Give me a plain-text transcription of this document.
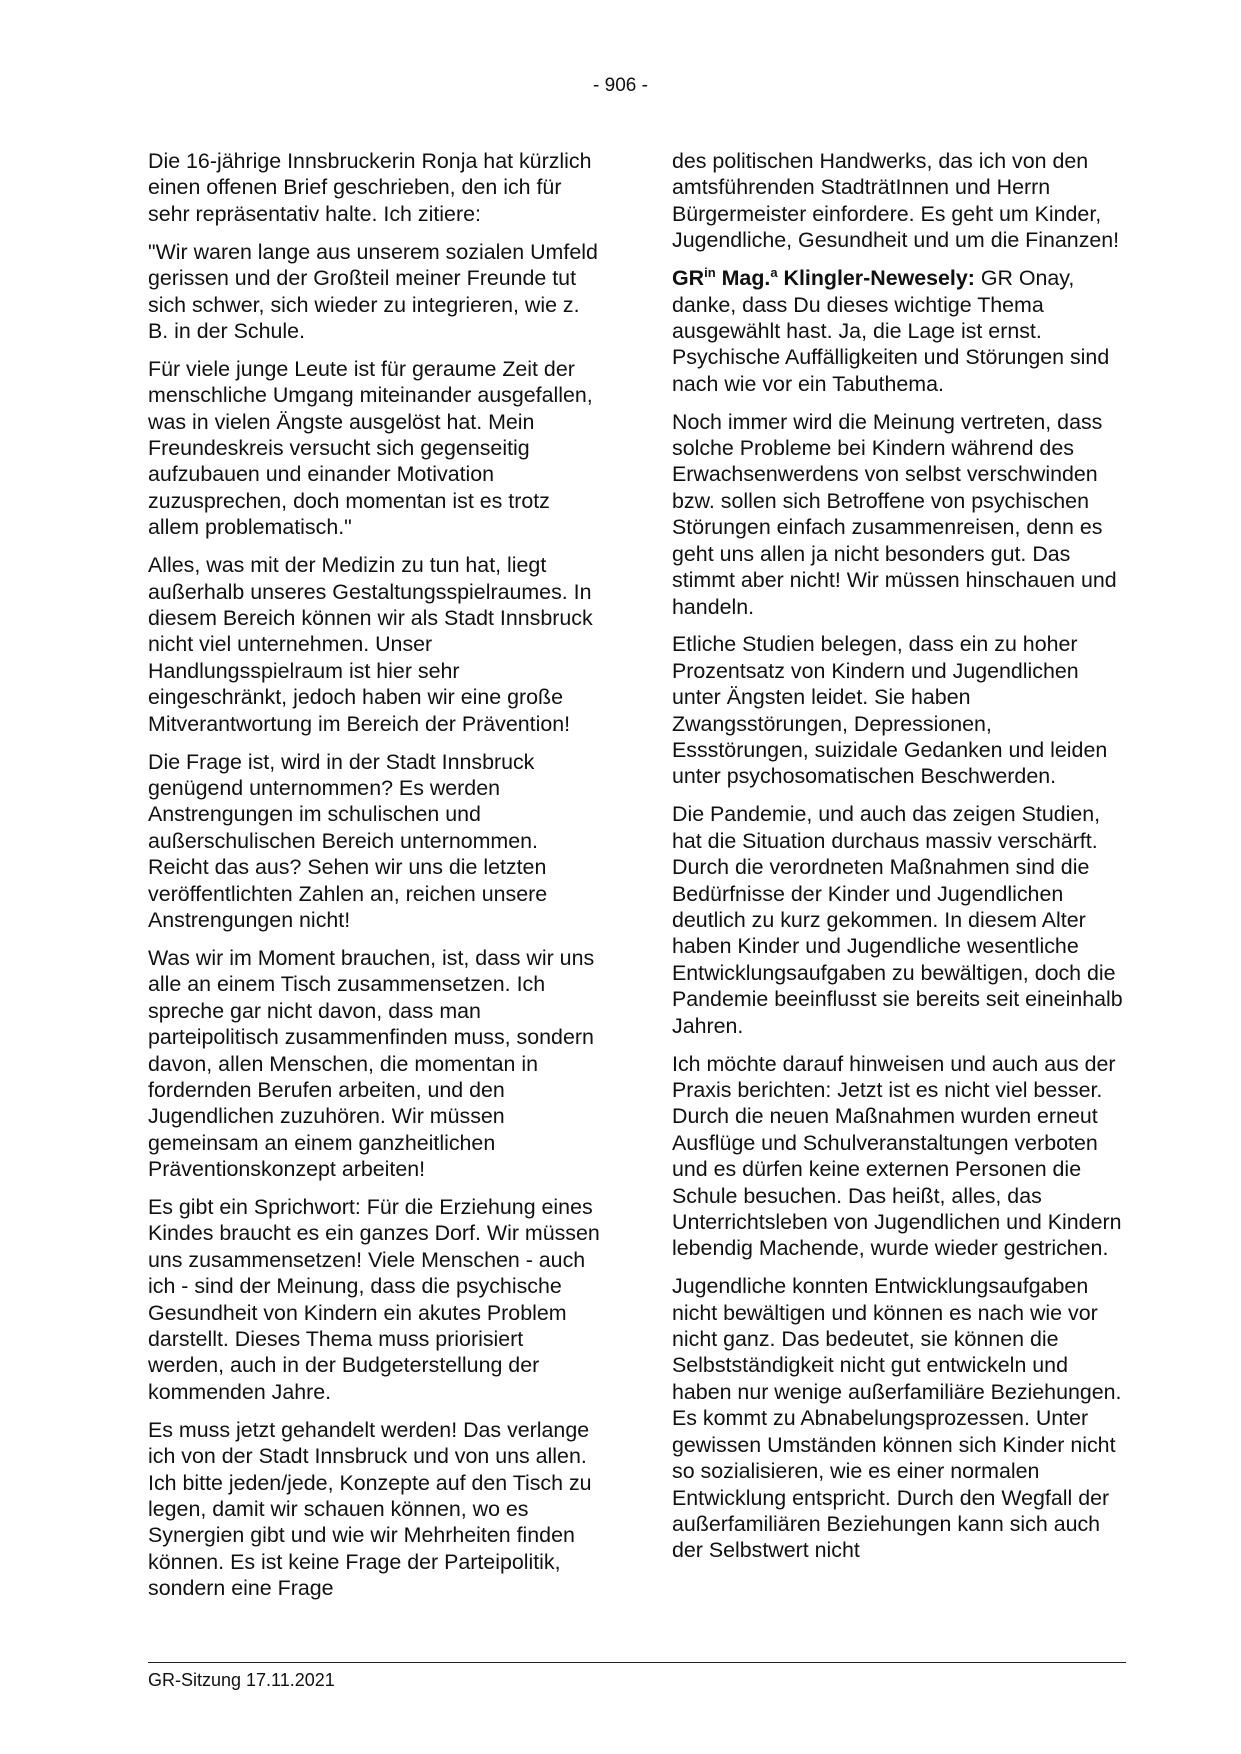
- 906 -

Die 16-jährige Innsbruckerin Ronja hat kürzlich einen offenen Brief geschrieben, den ich für sehr repräsentativ halte. Ich zitiere:

"Wir waren lange aus unserem sozialen Umfeld gerissen und der Großteil meiner Freunde tut sich schwer, sich wieder zu integrieren, wie z. B. in der Schule.

Für viele junge Leute ist für geraume Zeit der menschliche Umgang miteinander ausgefallen, was in vielen Ängste ausgelöst hat. Mein Freundeskreis versucht sich gegenseitig aufzubauen und einander Motivation zuzusprechen, doch momentan ist es trotz allem problematisch."

Alles, was mit der Medizin zu tun hat, liegt außerhalb unseres Gestaltungsspielraumes. In diesem Bereich können wir als Stadt Innsbruck nicht viel unternehmen. Unser Handlungsspielraum ist hier sehr eingeschränkt, jedoch haben wir eine große Mitverantwortung im Bereich der Prävention!

Die Frage ist, wird in der Stadt Innsbruck genügend unternommen? Es werden Anstrengungen im schulischen und außerschulischen Bereich unternommen. Reicht das aus? Sehen wir uns die letzten veröffentlichten Zahlen an, reichen unsere Anstrengungen nicht!

Was wir im Moment brauchen, ist, dass wir uns alle an einem Tisch zusammensetzen. Ich spreche gar nicht davon, dass man parteipolitisch zusammenfinden muss, sondern davon, allen Menschen, die momentan in fordernden Berufen arbeiten, und den Jugendlichen zuzuhören. Wir müssen gemeinsam an einem ganzheitlichen Präventionskonzept arbeiten!

Es gibt ein Sprichwort: Für die Erziehung eines Kindes braucht es ein ganzes Dorf. Wir müssen uns zusammensetzen! Viele Menschen - auch ich - sind der Meinung, dass die psychische Gesundheit von Kindern ein akutes Problem darstellt. Dieses Thema muss priorisiert werden, auch in der Budgeterstellung der kommenden Jahre.

Es muss jetzt gehandelt werden! Das verlange ich von der Stadt Innsbruck und von uns allen. Ich bitte jeden/jede, Konzepte auf den Tisch zu legen, damit wir schauen können, wo es Synergien gibt und wie wir Mehrheiten finden können. Es ist keine Frage der Parteipolitik, sondern eine Frage

des politischen Handwerks, das ich von den amtsführenden StadträtInnen und Herrn Bürgermeister einfordere. Es geht um Kinder, Jugendliche, Gesundheit und um die Finanzen!

$GR^{in}$ Mag.$^a$ Klingler-Newesely: GR Onay, danke, dass Du dieses wichtige Thema ausgewählt hast. Ja, die Lage ist ernst. Psychische Auffälligkeiten und Störungen sind nach wie vor ein Tabuthema.

Noch immer wird die Meinung vertreten, dass solche Probleme bei Kindern während des Erwachsenwerdens von selbst verschwinden bzw. sollen sich Betroffene von psychischen Störungen einfach zusammenreisen, denn es geht uns allen ja nicht besonders gut. Das stimmt aber nicht! Wir müssen hinschauen und handeln.

Etliche Studien belegen, dass ein zu hoher Prozentsatz von Kindern und Jugendlichen unter Ängsten leidet. Sie haben Zwangsstörungen, Depressionen, Essstörungen, suizidale Gedanken und leiden unter psychosomatischen Beschwerden.

Die Pandemie, und auch das zeigen Studien, hat die Situation durchaus massiv verschärft. Durch die verordneten Maßnahmen sind die Bedürfnisse der Kinder und Jugendlichen deutlich zu kurz gekommen. In diesem Alter haben Kinder und Jugendliche wesentliche Entwicklungsaufgaben zu bewältigen, doch die Pandemie beeinflusst sie bereits seit eineinhalb Jahren.

Ich möchte darauf hinweisen und auch aus der Praxis berichten: Jetzt ist es nicht viel besser. Durch die neuen Maßnahmen wurden erneut Ausflüge und Schulveranstaltungen verboten und es dürfen keine externen Personen die Schule besuchen. Das heißt, alles, das Unterrichtsleben von Jugendlichen und Kindern lebendig Machende, wurde wieder gestrichen.

Jugendliche konnten Entwicklungsaufgaben nicht bewältigen und können es nach wie vor nicht ganz. Das bedeutet, sie können die Selbstständigkeit nicht gut entwickeln und haben nur wenige außerfamiliäre Beziehungen. Es kommt zu Abnabelungsprozessen. Unter gewissen Umständen können sich Kinder nicht so sozialisieren, wie es einer normalen Entwicklung entspricht. Durch den Wegfall der außerfamiliären Beziehungen kann sich auch der Selbstwert nicht

GR-Sitzung 17.11.2021
